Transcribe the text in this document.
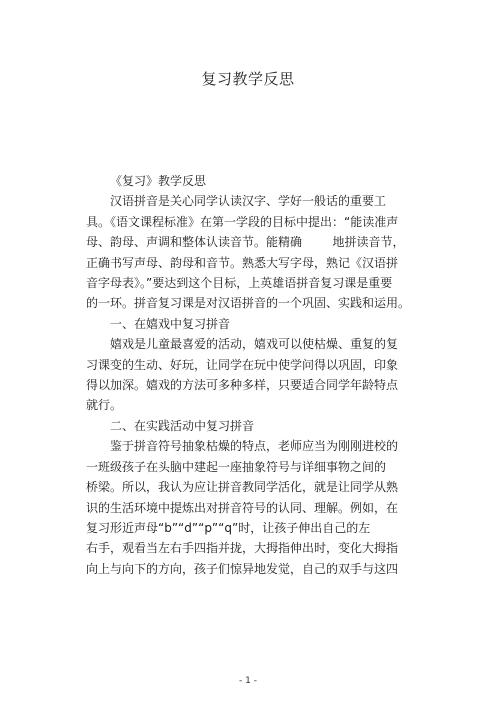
复习教学反思

《复习》教学反思

汉语拼音是关心同学认读汉字、学好一般话的重要工
具。《语文课程标准》在第一学段的目标中提出：“能读准声
母、韵母、声调和整体认读音节。能精确        地拼读音节，
正确书写声母、韵母和音节。熟悉大写字母，熟记《汉语拼
音字母表》。”要达到这个目标，上英雄语拼音复习课是重要
的一环。拼音复习课是对汉语拼音的一个巩固、实践和运用。

一、在嬉戏中复习拼音

嬉戏是儿童最喜爱的活动，嬉戏可以使枯燥、重复的复
习课变的生动、好玩，让同学在玩中使学问得以巩固，印象
得以加深。嬉戏的方法可多种多样，只要适合同学年龄特点
就行。

二、在实践活动中复习拼音

鉴于拼音符号抽象枯燥的特点，老师应当为刚刚进校的
一班级孩子在头脑中建起一座抽象符号与详细事物之间的
桥梁。所以，我认为应让拼音教同学活化，就是让同学从熟
识的生活环境中提炼出对拼音符号的认同、理解。例如，在
复习形近声母“b”“d”“p”“q”时，让孩子伸出自己的左
右手，观看当左右手四指并拢，大拇指伸出时，变化大拇指
向上与向下的方向，孩子们惊异地发觉，自己的双手与这四

- 1 -
